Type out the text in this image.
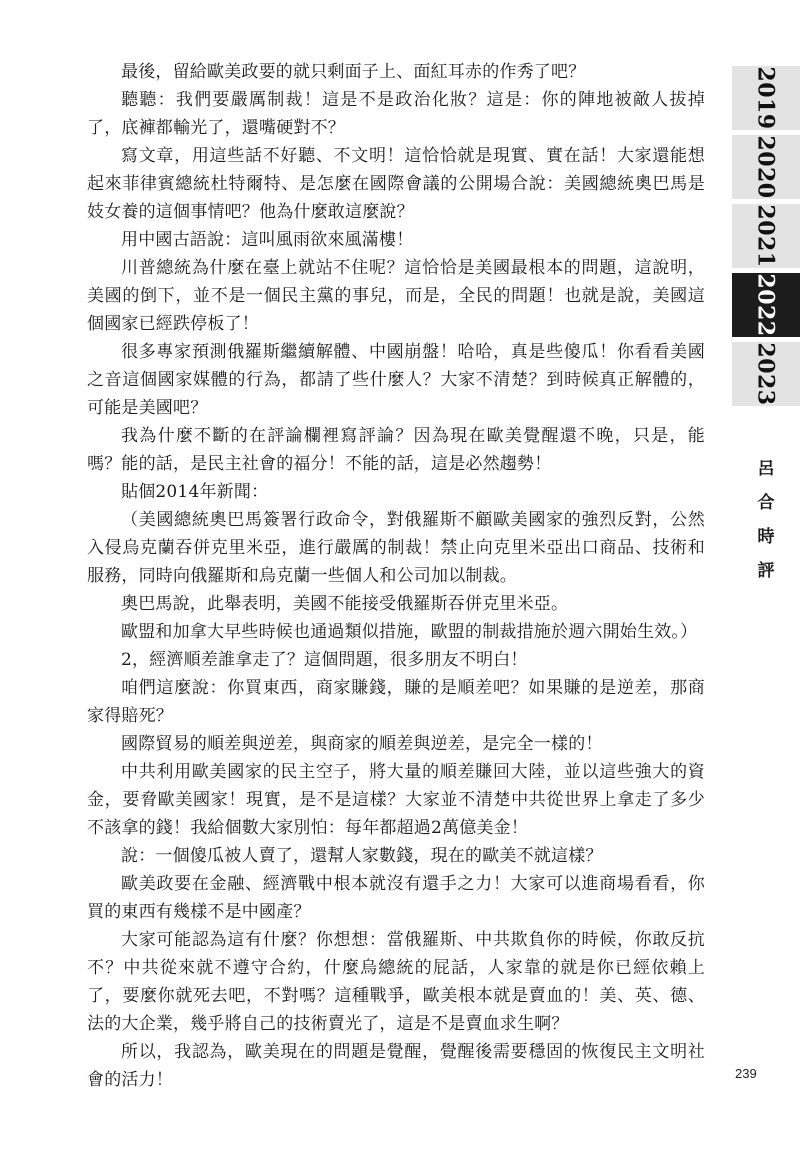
最後，留給歐美政要的就只剩面子上、面紅耳赤的作秀了吧？

聽聽：我們要嚴厲制裁！這是不是政治化妝？這是：你的陣地被敵人拔掉了，底褲都輸光了，還嘴硬對不？

寫文章，用這些話不好聽、不文明！這恰恰就是現實、實在話！大家還能想起來菲律賓總統杜特爾特、是怎麼在國際會議的公開場合說：美國總統奧巴馬是妓女養的這個事情吧？他為什麼敢這麼說？

用中國古語說：這叫風雨欲來風滿樓！

川普總統為什麼在臺上就站不住呢？這恰恰是美國最根本的問題，這說明，美國的倒下，並不是一個民主黨的事兒，而是，全民的問題！也就是說，美國這個國家已經跌停板了！

很多專家預測俄羅斯繼續解體、中國崩盤！哈哈，真是些傻瓜！你看看美國之音這個國家媒體的行為，都請了些什麼人？大家不清楚？到時候真正解體的，可能是美國吧？

我為什麼不斷的在評論欄裡寫評論？因為現在歐美覺醒還不晚，只是，能嗎？能的話，是民主社會的福分！不能的話，這是必然趨勢！

貼個2014年新聞：

（美國總統奧巴馬簽署行政命令，對俄羅斯不顧歐美國家的強烈反對，公然入侵烏克蘭吞併克里米亞，進行嚴厲的制裁！禁止向克里米亞出口商品、技術和服務，同時向俄羅斯和烏克蘭一些個人和公司加以制裁。

奧巴馬說，此舉表明，美國不能接受俄羅斯吞併克里米亞。

歐盟和加拿大早些時候也通過類似措施，歐盟的制裁措施於週六開始生效。）

2，經濟順差誰拿走了？這個問題，很多朋友不明白！

咱們這麼說：你買東西，商家賺錢，賺的是順差吧？如果賺的是逆差，那商家得賠死？

國際貿易的順差與逆差，與商家的順差與逆差，是完全一樣的！

中共利用歐美國家的民主空子，將大量的順差賺回大陸，並以這些強大的資金，要脅歐美國家！現實，是不是這樣？大家並不清楚中共從世界上拿走了多少不該拿的錢！我給個數大家別怕：每年都超過2萬億美金！

說：一個傻瓜被人賣了，還幫人家數錢，現在的歐美不就這樣？

歐美政要在金融、經濟戰中根本就沒有還手之力！大家可以進商場看看，你買的東西有幾樣不是中國產？

大家可能認為這有什麼？你想想：當俄羅斯、中共欺負你的時候，你敢反抗不？中共從來就不遵守合約，什麼烏總統的屁話，人家靠的就是你已經依賴上了，要麼你就死去吧，不對嗎？這種戰爭，歐美根本就是賣血的！美、英、德、法的大企業，幾乎將自己的技術賣光了，這是不是賣血求生啊？

所以，我認為，歐美現在的問題是覺醒，覺醒後需要穩固的恢復民主文明社會的活力！

2019
2020
2021
2022
2023
呂
合
時
評
239
